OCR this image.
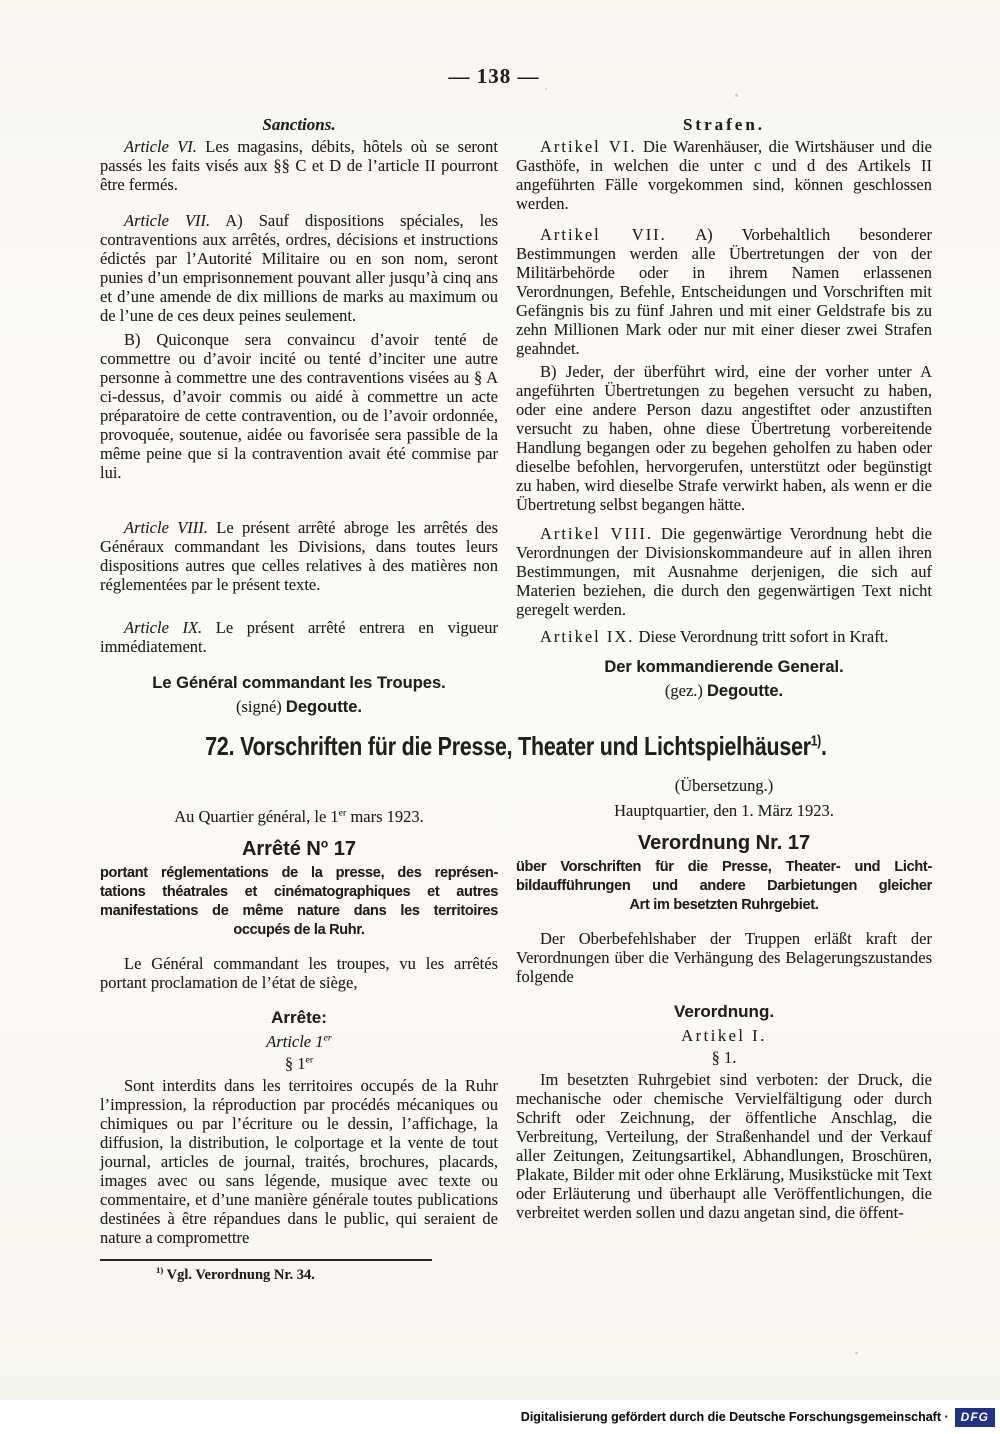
— 138 —
Sanctions.

Article VI. Les magasins, débits, hôtels où se seront passés les faits visés aux §§ C et D de l’article II pourront être fermés.

Article VII. A) Sauf dispositions spéciales, les contraventions aux arrêtés, ordres, décisions et instructions édictés par l’Autorité Militaire ou en son nom, seront punies d’un emprisonnement pouvant aller jusqu’à cinq ans et d’une amende de dix millions de marks au maximum ou de l’une de ces deux peines seulement.

B) Quiconque sera convaincu d’avoir tenté de commettre ou d’avoir incité ou tenté d’inciter une autre personne à commettre une des contraventions visées au § A ci-dessus, d’avoir commis ou aidé à commettre un acte préparatoire de cette contravention, ou de l’avoir ordonnée, provoquée, soutenue, aidée ou favorisée sera passible de la même peine que si la contravention avait été commise par lui.

Article VIII. Le présent arrêté abroge les arrêtés des Généraux commandant les Divisions, dans toutes leurs dispositions autres que celles relatives à des matières non réglementées par le présent texte.

Article IX. Le présent arrêté entrera en vigueur immédiatement.

Le Général commandant les Troupes.
(signé) Degoutte.
Strafen.

Artikel VI. Die Warenhäuser, die Wirtshäuser und die Gasthöfe, in welchen die unter c und d des Artikels II angeführten Fälle vorgekommen sind, können geschlossen werden.

Artikel VII. A) Vorbehaltlich besonderer Bestimmungen werden alle Übertretungen der von der Militärbehörde oder in ihrem Namen erlassenen Verordnungen, Befehle, Entscheidungen und Vorschriften mit Gefängnis bis zu fünf Jahren und mit einer Geldstrafe bis zu zehn Millionen Mark oder nur mit einer dieser zwei Strafen geahndet.

B) Jeder, der überführt wird, eine der vorher unter A angeführten Übertretungen zu begehen versucht zu haben, oder eine andere Person dazu angestiftet oder anzustiften versucht zu haben, ohne diese Übertretung vorbereitende Handlung begangen oder zu begehen geholfen zu haben oder dieselbe befohlen, hervorgerufen, unterstützt oder begünstigt zu haben, wird dieselbe Strafe verwirkt haben, als wenn er die Übertretung selbst begangen hätte.

Artikel VIII. Die gegenwärtige Verordnung hebt die Verordnungen der Divisionskommandeure auf in allen ihren Bestimmungen, mit Ausnahme derjenigen, die sich auf Materien beziehen, die durch den gegenwärtigen Text nicht geregelt werden.

Artikel IX. Diese Verordnung tritt sofort in Kraft.

Der kommandierende General.
(gez.) Degoutte.
72. Vorschriften für die Presse, Theater und Lichtspielhäuser$^{1)}$.
Au Quartier général, le 1er mars 1923.
Arrêté $N^o$ 17
portant réglementations de la presse, des représen-
tations théatrales et cinématographiques et autres
manifestations de même nature dans les territoires
occupés de la Ruhr.

Le Général commandant les troupes, vu les arrêtés portant proclamation de l’état de siège,

Arrête:
Article 1er
§ 1er

Sont interdits dans les territoires occupés de la Ruhr l’impression, la réproduction par procédés mécaniques ou chimiques ou par l’écriture ou le dessin, l’affichage, la diffusion, la distribution, le colportage et la vente de tout journal, articles de journal, traités, brochures, placards, images avec ou sans légende, musique avec texte ou commentaire, et d’une manière générale toutes publications destinées à être répandues dans le public, qui seraient de nature a compromettre

$^{1)}$ Vgl. Verordnung Nr. 34.
(Übersetzung.)
Hauptquartier, den 1. März 1923.
Verordnung Nr. 17
über Vorschriften für die Presse, Theater- und Licht-
bildaufführungen und andere Darbietungen gleicher
Art im besetzten Ruhrgebiet.

Der Oberbefehlshaber der Truppen erläßt kraft der Verordnungen über die Verhängung des Belagerungszustandes folgende

Verordnung.
Artikel I.
§ 1.

Im besetzten Ruhrgebiet sind verboten: der Druck, die mechanische oder chemische Vervielfältigung oder durch Schrift oder Zeichnung, der öffentliche Anschlag, die Verbreitung, Verteilung, der Straßenhandel und der Verkauf aller Zeitungen, Zeitungsartikel, Abhandlungen, Broschüren, Plakate, Bilder mit oder ohne Erklärung, Musikstücke mit Text oder Erläuterung und überhaupt alle Veröffentlichungen, die verbreitet werden sollen und dazu angetan sind, die öffent-

Digitalisierung gefördert durch die Deutsche Forschungsgemeinschaft ·	DFG
